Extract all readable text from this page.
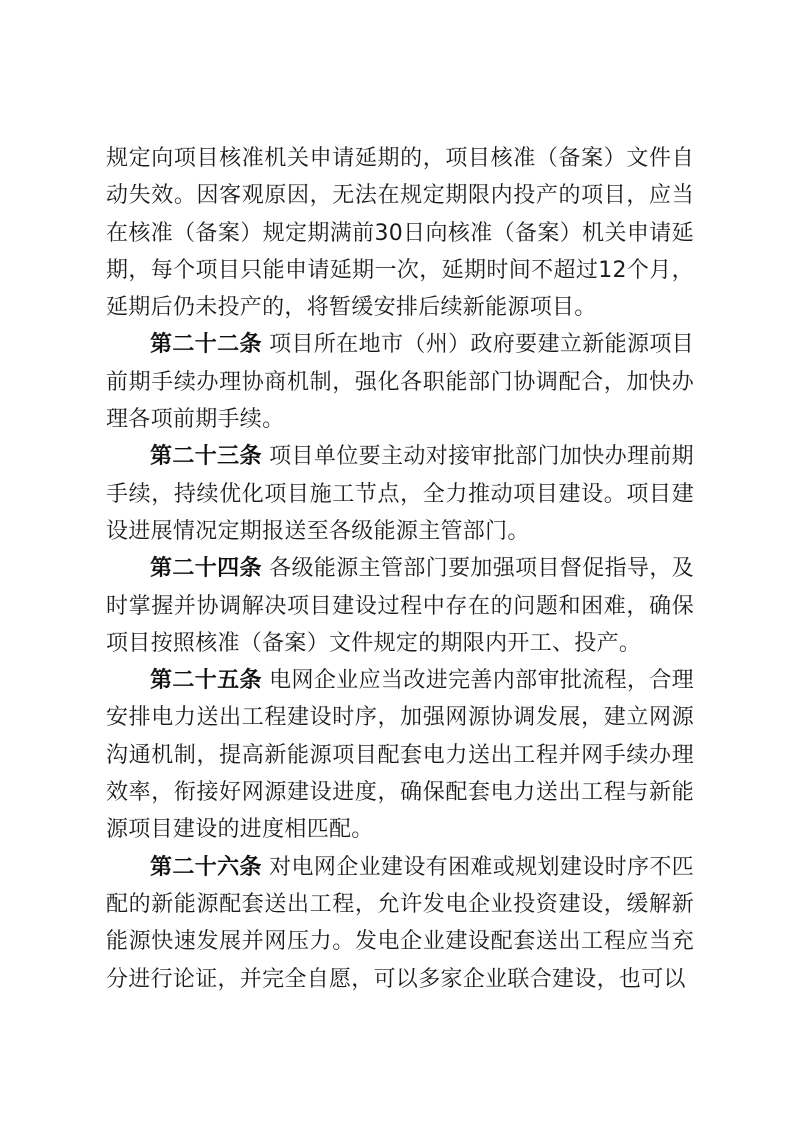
规定向项目核准机关申请延期的，项目核准（备案）文件自动失效。因客观原因，无法在规定期限内投产的项目，应当在核准（备案）规定期满前30日向核准（备案）机关申请延期，每个项目只能申请延期一次，延期时间不超过12个月，延期后仍未投产的，将暂缓安排后续新能源项目。

第二十二条 项目所在地市（州）政府要建立新能源项目前期手续办理协商机制，强化各职能部门协调配合，加快办理各项前期手续。

第二十三条 项目单位要主动对接审批部门加快办理前期手续，持续优化项目施工节点，全力推动项目建设。项目建设进展情况定期报送至各级能源主管部门。

第二十四条 各级能源主管部门要加强项目督促指导，及时掌握并协调解决项目建设过程中存在的问题和困难，确保项目按照核准（备案）文件规定的期限内开工、投产。

第二十五条 电网企业应当改进完善内部审批流程，合理安排电力送出工程建设时序，加强网源协调发展，建立网源沟通机制，提高新能源项目配套电力送出工程并网手续办理效率，衔接好网源建设进度，确保配套电力送出工程与新能源项目建设的进度相匹配。

第二十六条 对电网企业建设有困难或规划建设时序不匹配的新能源配套送出工程，允许发电企业投资建设，缓解新能源快速发展并网压力。发电企业建设配套送出工程应当充分进行论证，并完全自愿，可以多家企业联合建设，也可以
